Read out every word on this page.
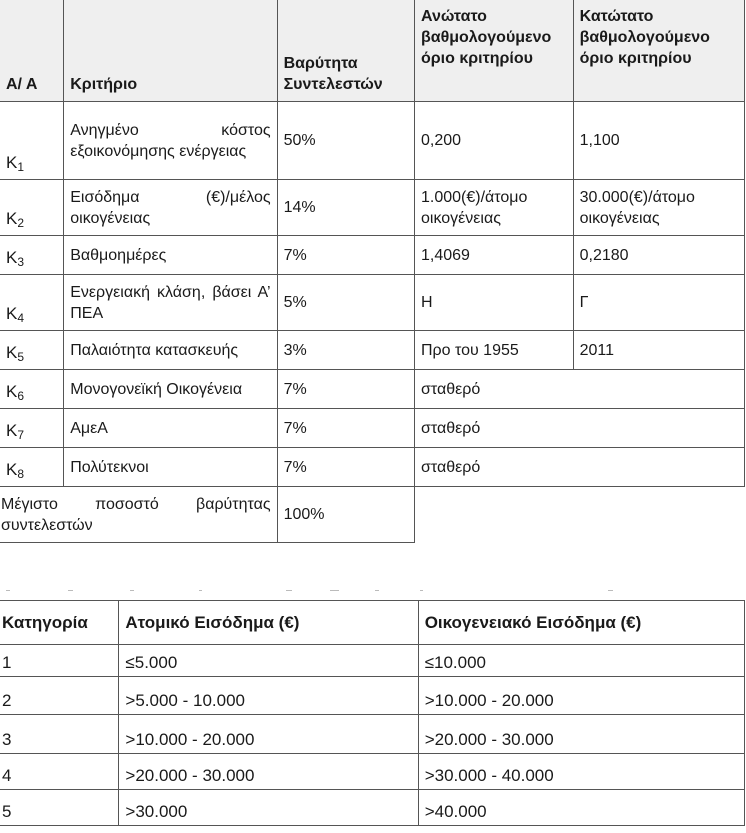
Α/ Α	Κριτήριο	Βαρύτητα Συντελεστών	Ανώτατο βαθμολογούμενο όριο κριτηρίου	Κατώτατο βαθμολογούμενο όριο κριτηρίου
$K_1$	Ανηγμένο κόστος εξοικονόμησης ενέργειας	50%	0,200	1,100
$K_2$	Εισόδημα (€)/μέλος οικογένειας	14%	1.000(€)/άτομο οικογένειας	30.000(€)/άτομο οικογένειας
$K_3$	Βαθμοημέρες	7%	1,4069	0,2180
$K_4$	Ενεργειακή κλάση, βάσει Α’ ΠΕΑ	5%	Η	Γ
$K_5$	Παλαιότητα κατασκευής	3%	Προ του 1955	2011
$K_6$	Μονογονεϊκή Οικογένεια	7%	σταθερό	
$K_7$	ΑμεΑ	7%	σταθερό	
$K_8$	Πολύτεκνοι	7%	σταθερό	
Μέγιστο ποσοστό βαρύτητας συντελεστών		100%		
Κατηγορία	Ατομικό Εισόδημα (€)	Οικογενειακό Εισόδημα (€)
1	≤5.000	≤10.000
2	>5.000 - 10.000	>10.000 - 20.000
3	>10.000 - 20.000	>20.000 - 30.000
4	>20.000 - 30.000	>30.000 - 40.000
5	>30.000	>40.000
